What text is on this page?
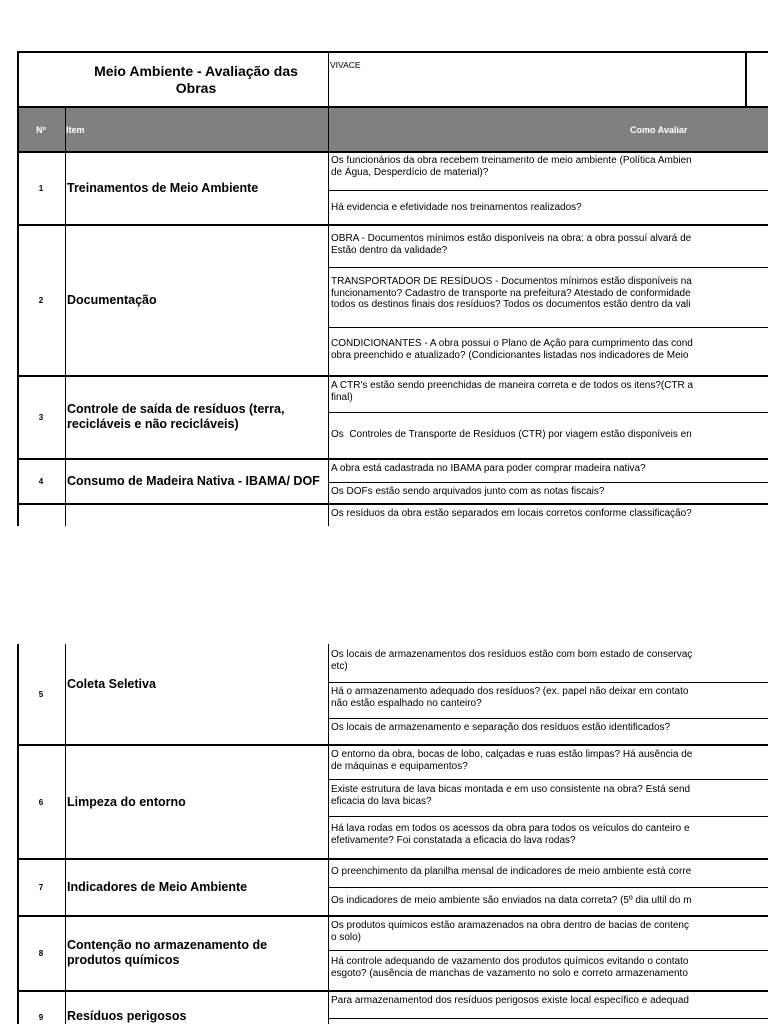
Meio Ambiente - Avaliação das
Obras
VIVACE
Nº Item	Como Avaliar
1 Treinamentos de Meio Ambiente
Os funcionários da obra recebem treinamento de meio ambiente (Política Ambien
de Água, Desperdício de material)?
Há evidencia e efetividade nos treinamentos realizados?
2 Documentação
OBRA - Documentos mínimos estão disponíveis na obra: a obra possuí alvará de
Estão dentro da validade?
TRANSPORTADOR DE RESÍDUOS - Documentos mínimos estão disponíveis na
funcionamento? Cadastro de transporte na prefeitura? Atestado de conformidade
todos os destinos finais dos resíduos? Todos os documentos estão dentro da vali
CONDICIONANTES - A obra possui o Plano de Ação para cumprimento das cond
obra preenchido e atualizado? (Condicionantes listadas nos indicadores de Meio
3
Controle de saída de resíduos (terra, recicláveis e não recicláveis)
A CTR's estão sendo preenchidas de maneira correta e de todos os itens?(CTR a
final)
Os  Controles de Transporte de Resíduos (CTR) por viagem estão disponíveis en
4 Consumo de Madeira Nativa - IBAMA/ DOF
A obra está cadastrada no IBAMA para poder comprar madeira nativa?
Os DOFs estão sendo arquivados junto com as notas fiscais?
Os resíduos da obra estão separados em locais corretos conforme classificação?
5
Coleta Seletiva
Os locais de armazenamentos dos resíduos estão com bom estado de conservaç
etc)
Há o armazenamento adequado dos resíduos? (ex. papel não deixar em contato
não estão espalhado no canteiro?
Os locais de armazenamento e separação dos resíduos estão identificados?
6 Limpeza do entorno
O entorno da obra, bocas de lobo, calçadas e ruas estão limpas? Há ausência de
de máquinas e equipamentos?
Existe estrutura de lava bicas montada e em uso consistente na obra? Está send
eficacia do lava bicas?
Há lava rodas em todos os acessos da obra para todos os veículos do canteiro e
efetivamente? Foi constatada a eficacia do lava rodas?
7 Indicadores de Meio Ambiente
O preenchimento da planilha mensal de indicadores de meio ambiente está corre
Os indicadores de meio ambiente são enviados na data correta? (5º dia ultil do m
8
Contenção no armazenamento de produtos químicos
Os produtos quimicos estão aramazenados na obra dentro de bacias de contenç
o solo)
Há controle adequando de vazamento dos produtos químicos evitando o contato
esgoto? (ausência de manchas de vazamento no solo e correto armazenamento
9 Resíduos perigosos
Para armazenamentod dos resíduos perigosos existe local específico e adequad
